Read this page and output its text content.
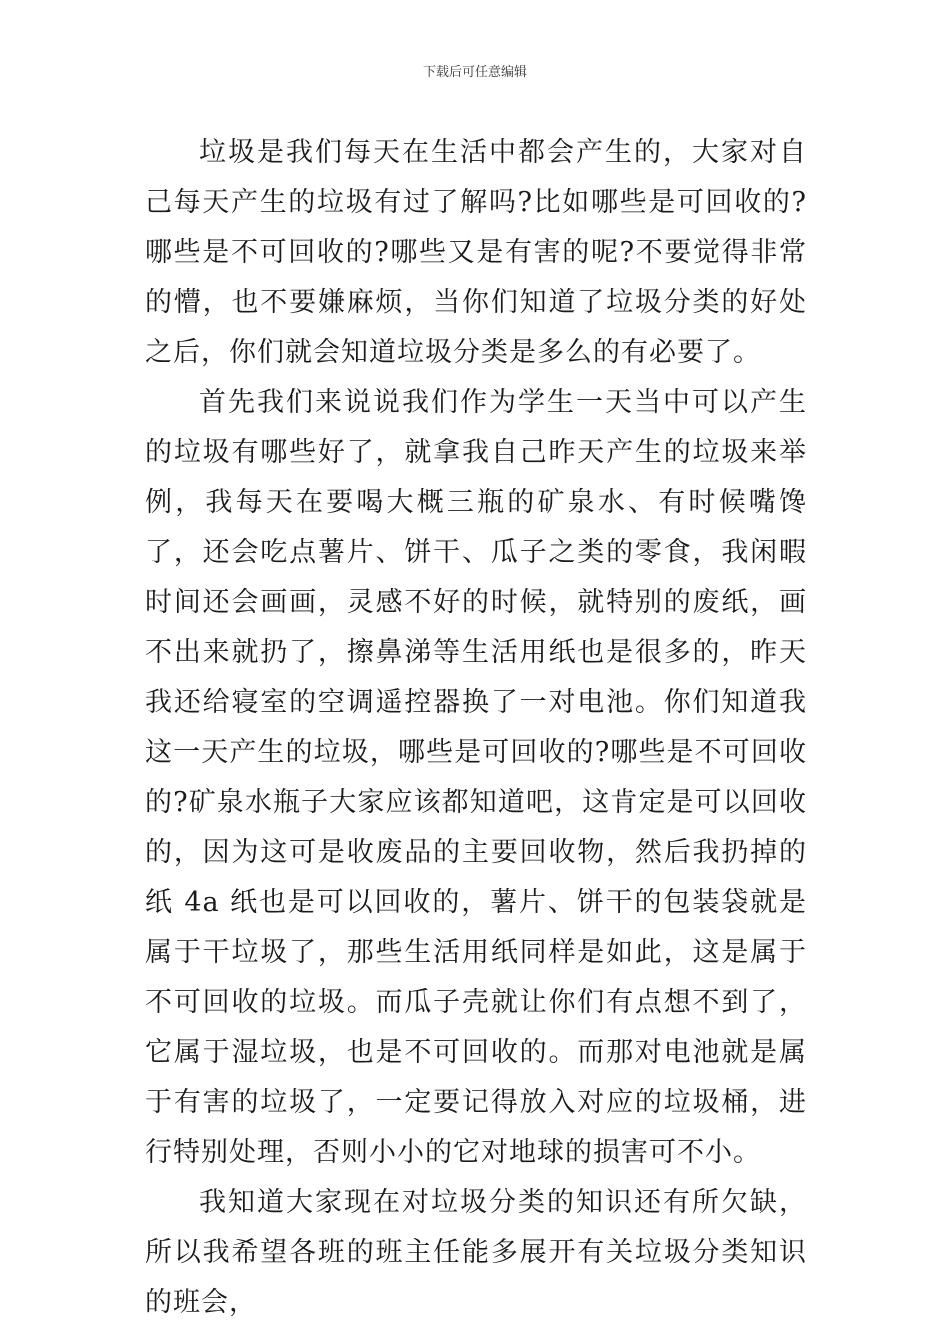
下载后可任意编辑

垃圾是我们每天在生活中都会产生的，大家对自己每天产生的垃圾有过了解吗?比如哪些是可回收的?哪些是不可回收的?哪些又是有害的呢?不要觉得非常的懵，也不要嫌麻烦，当你们知道了垃圾分类的好处之后，你们就会知道垃圾分类是多么的有必要了。

首先我们来说说我们作为学生一天当中可以产生的垃圾有哪些好了，就拿我自己昨天产生的垃圾来举例，我每天在要喝大概三瓶的矿泉水、有时候嘴馋了，还会吃点薯片、饼干、瓜子之类的零食，我闲暇时间还会画画，灵感不好的时候，就特别的废纸，画不出来就扔了，擦鼻涕等生活用纸也是很多的，昨天我还给寝室的空调遥控器换了一对电池。你们知道我这一天产生的垃圾，哪些是可回收的?哪些是不可回收的?矿泉水瓶子大家应该都知道吧，这肯定是可以回收的，因为这可是收废品的主要回收物，然后我扔掉的纸 4a 纸也是可以回收的，薯片、饼干的包装袋就是属于干垃圾了，那些生活用纸同样是如此，这是属于不可回收的垃圾。而瓜子壳就让你们有点想不到了，它属于湿垃圾，也是不可回收的。而那对电池就是属于有害的垃圾了，一定要记得放入对应的垃圾桶，进行特别处理，否则小小的它对地球的损害可不小。

我知道大家现在对垃圾分类的知识还有所欠缺，所以我希望各班的班主任能多展开有关垃圾分类知识的班会，
